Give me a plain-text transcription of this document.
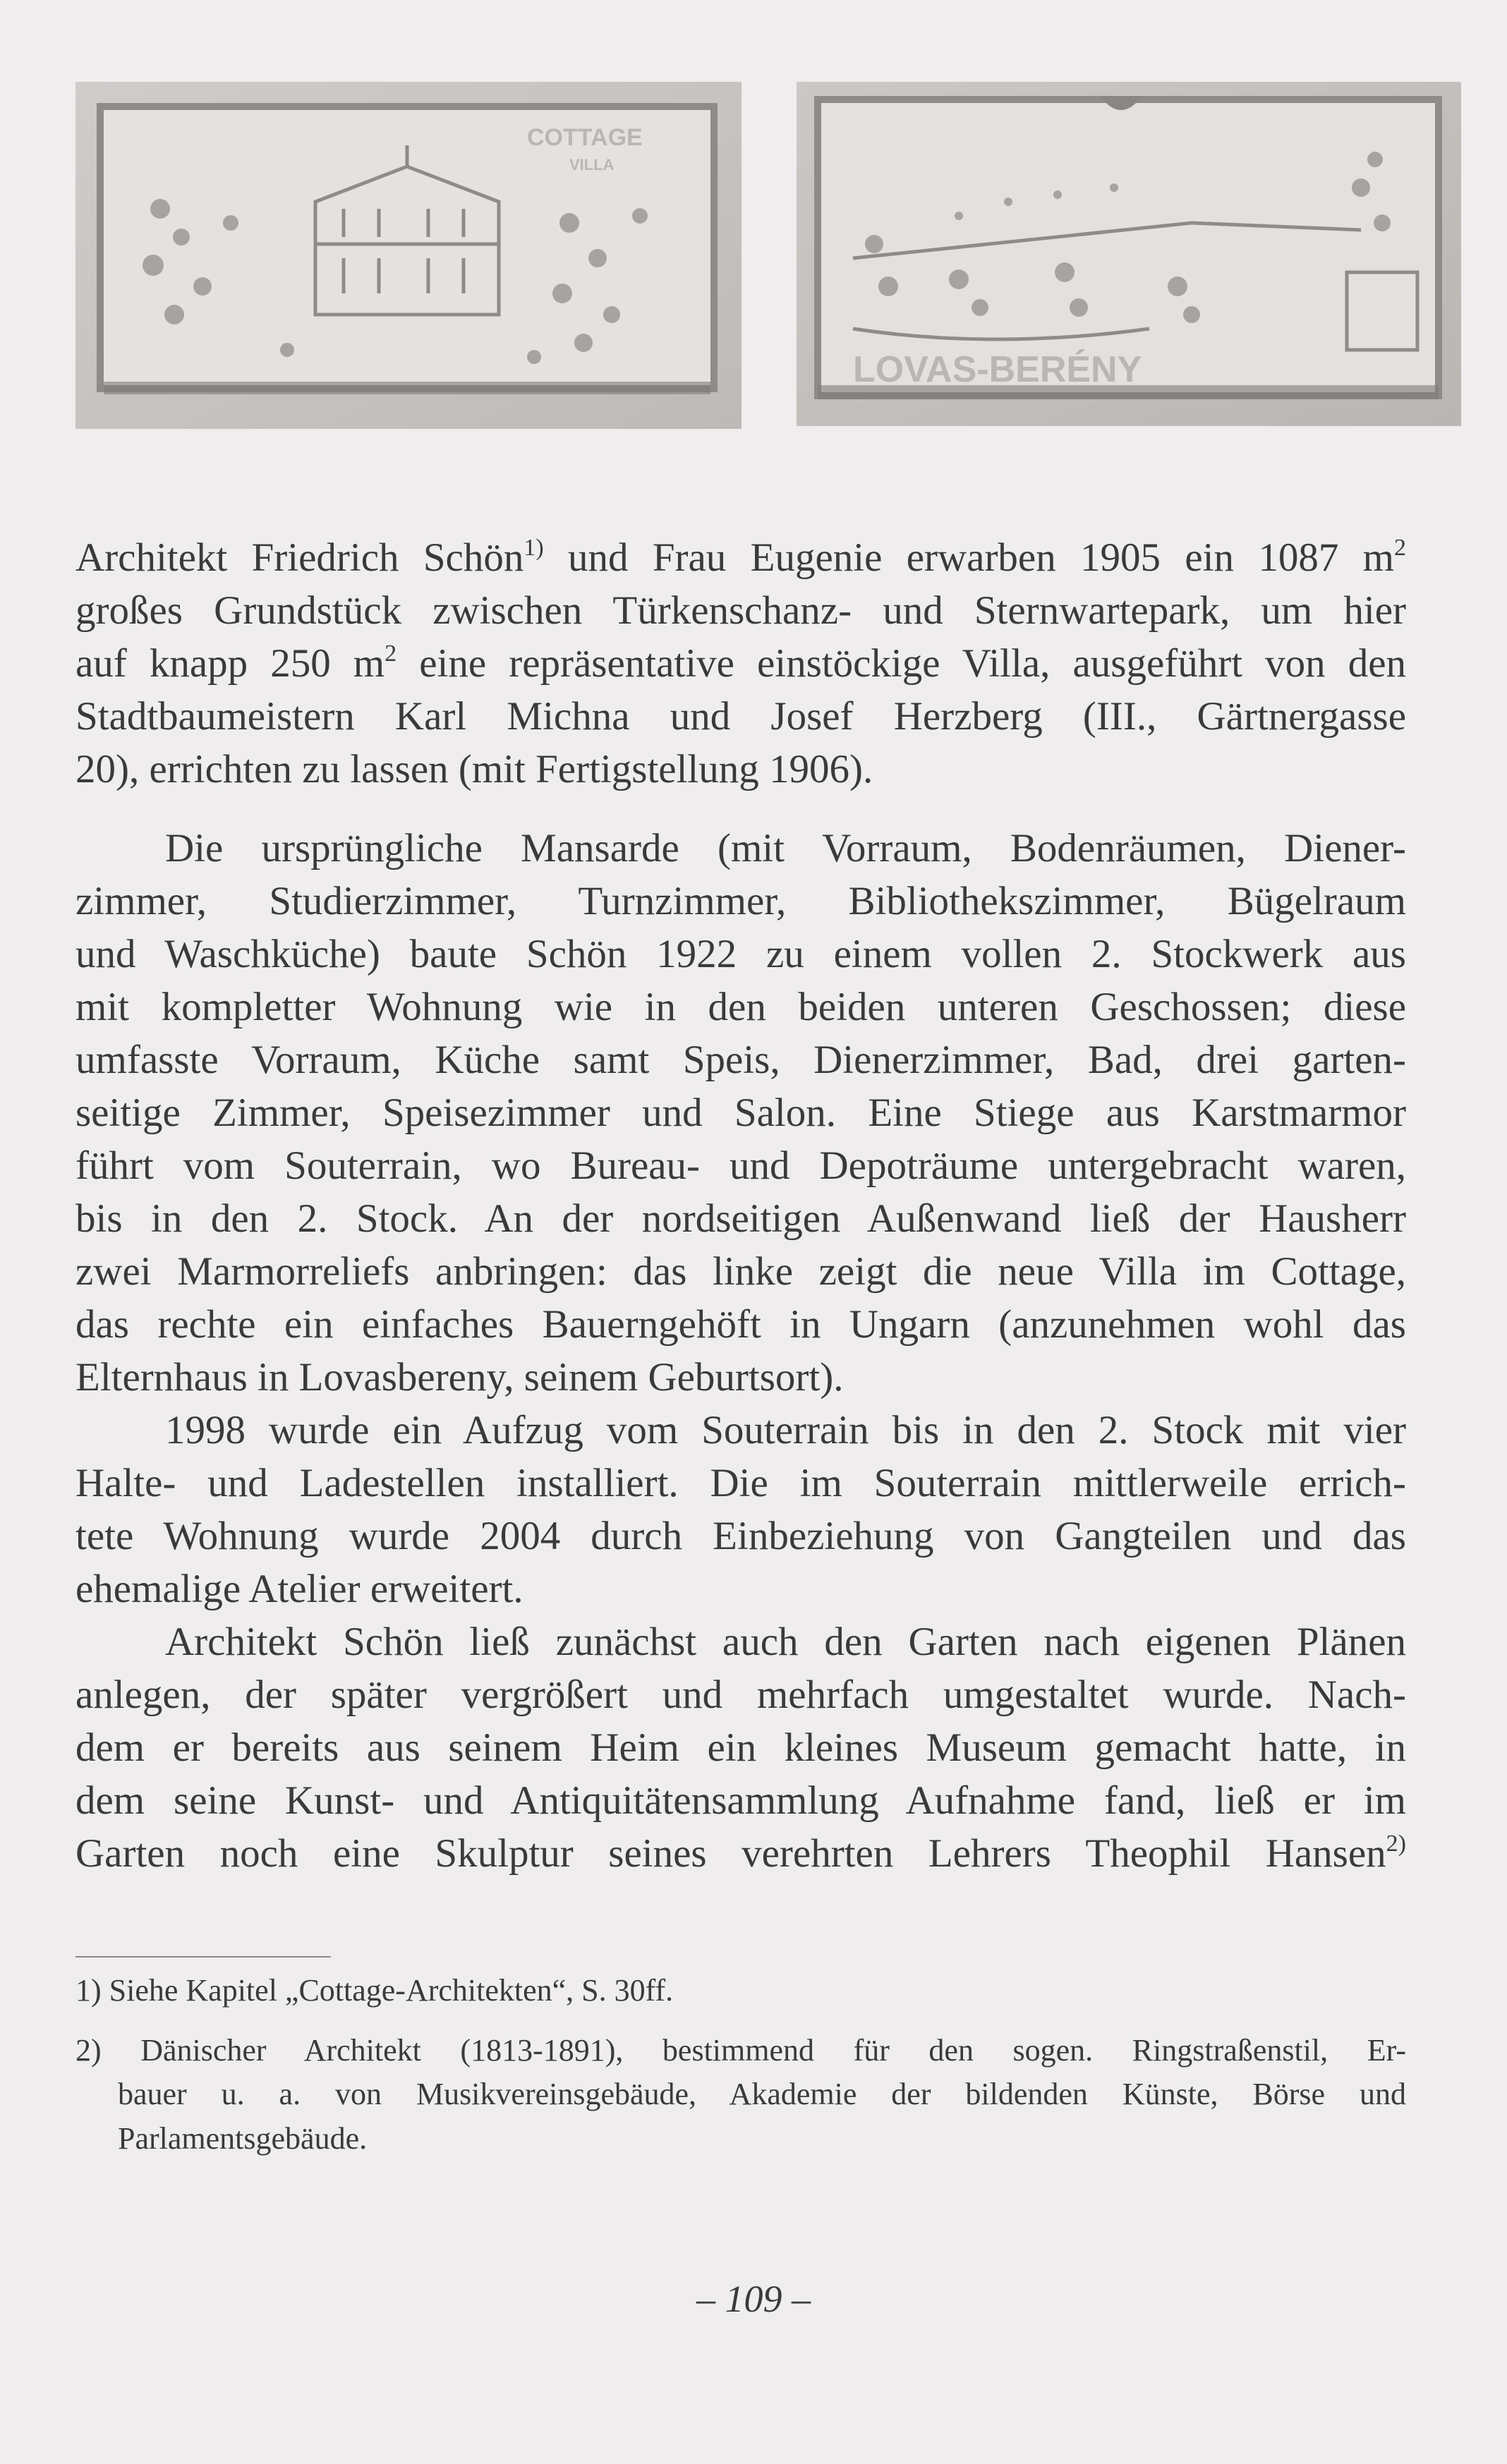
COTTAGE
VILLA
LOVAS-BERÉNY
Architekt Friedrich Schön$^{1)}$ und Frau Eugenie erwarben 1905 ein 1087 $m^2$
großes Grundstück zwischen Türkenschanz- und Sternwartepark, um hier
auf knapp 250 $m^2$ eine repräsentative einstöckige Villa, ausgeführt von den
Stadtbaumeistern Karl Michna und Josef Herzberg (III., Gärtnergasse
20), errichten zu lassen (mit Fertigstellung 1906).
Die ursprüngliche Mansarde (mit Vorraum, Bodenräumen, Diener-
zimmer, Studierzimmer, Turnzimmer, Bibliothekszimmer, Bügelraum
und Waschküche) baute Schön 1922 zu einem vollen 2. Stockwerk aus
mit kompletter Wohnung wie in den beiden unteren Geschossen; diese
umfasste Vorraum, Küche samt Speis, Dienerzimmer, Bad, drei garten-
seitige Zimmer, Speisezimmer und Salon. Eine Stiege aus Karstmarmor
führt vom Souterrain, wo Bureau- und Depoträume untergebracht waren,
bis in den 2. Stock. An der nordseitigen Außenwand ließ der Hausherr
zwei Marmorreliefs anbringen: das linke zeigt die neue Villa im Cottage,
das rechte ein einfaches Bauerngehöft in Ungarn (anzunehmen wohl das
Elternhaus in Lovasbereny, seinem Geburtsort).
1998 wurde ein Aufzug vom Souterrain bis in den 2. Stock mit vier
Halte- und Ladestellen installiert. Die im Souterrain mittlerweile errich-
tete Wohnung wurde 2004 durch Einbeziehung von Gangteilen und das
ehemalige Atelier erweitert.
Architekt Schön ließ zunächst auch den Garten nach eigenen Plänen
anlegen, der später vergrößert und mehrfach umgestaltet wurde. Nach-
dem er bereits aus seinem Heim ein kleines Museum gemacht hatte, in
dem seine Kunst- und Antiquitätensammlung Aufnahme fand, ließ er im
Garten noch eine Skulptur seines verehrten Lehrers Theophil Hansen$^{2)}$
1) Siehe Kapitel „Cottage-Architekten“, S. 30ff.
2) Dänischer Architekt (1813-1891), bestimmend für den sogen. Ringstraßenstil, Er-
bauer u. a. von Musikvereinsgebäude, Akademie der bildenden Künste, Börse und
Parlamentsgebäude.
– 109 –
